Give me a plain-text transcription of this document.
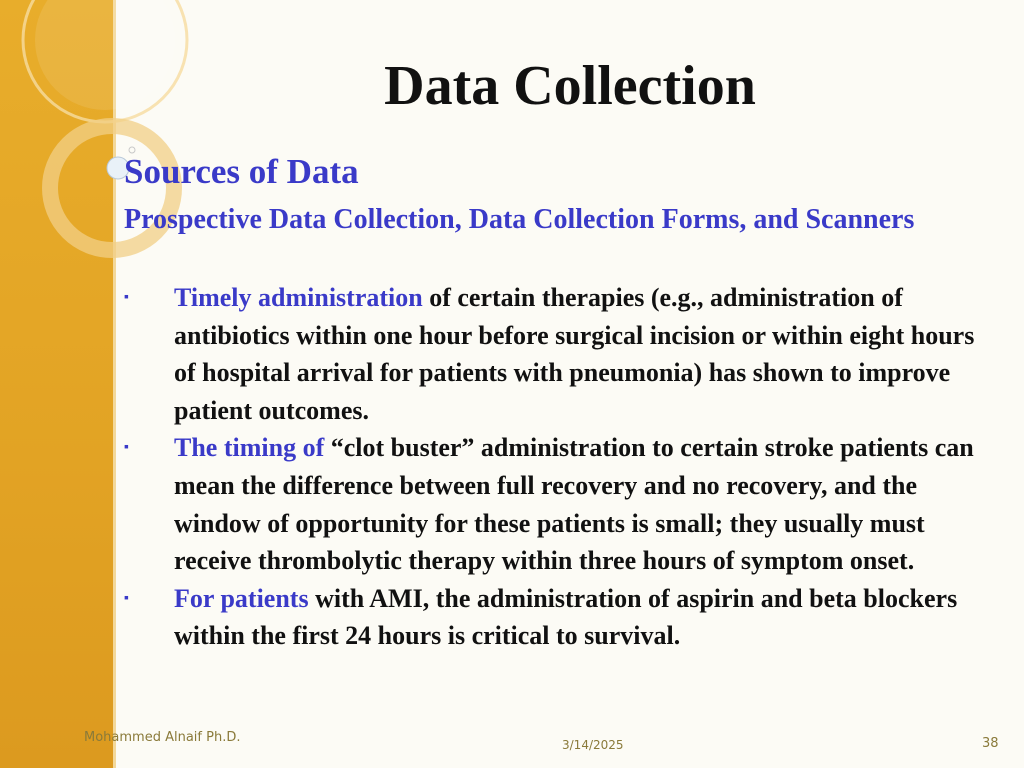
Data Collection
Sources of Data
Prospective Data Collection, Data Collection Forms, and Scanners
▪ Timely administration of certain therapies (e.g., administration of antibiotics within one hour before surgical incision or within eight hours of hospital arrival for patients with pneumonia) has shown to improve patient outcomes.
▪ The timing of “clot buster” administration to certain stroke patients can mean the difference between full recovery and no recovery, and the window of opportunity for these patients is small; they usually must receive thrombolytic therapy within three hours of symptom onset.
▪ For patients with AMI, the administration of aspirin and beta blockers within the first 24 hours is critical to survival.
Mohammed Alnaif Ph.D.	3/14/2025	38
